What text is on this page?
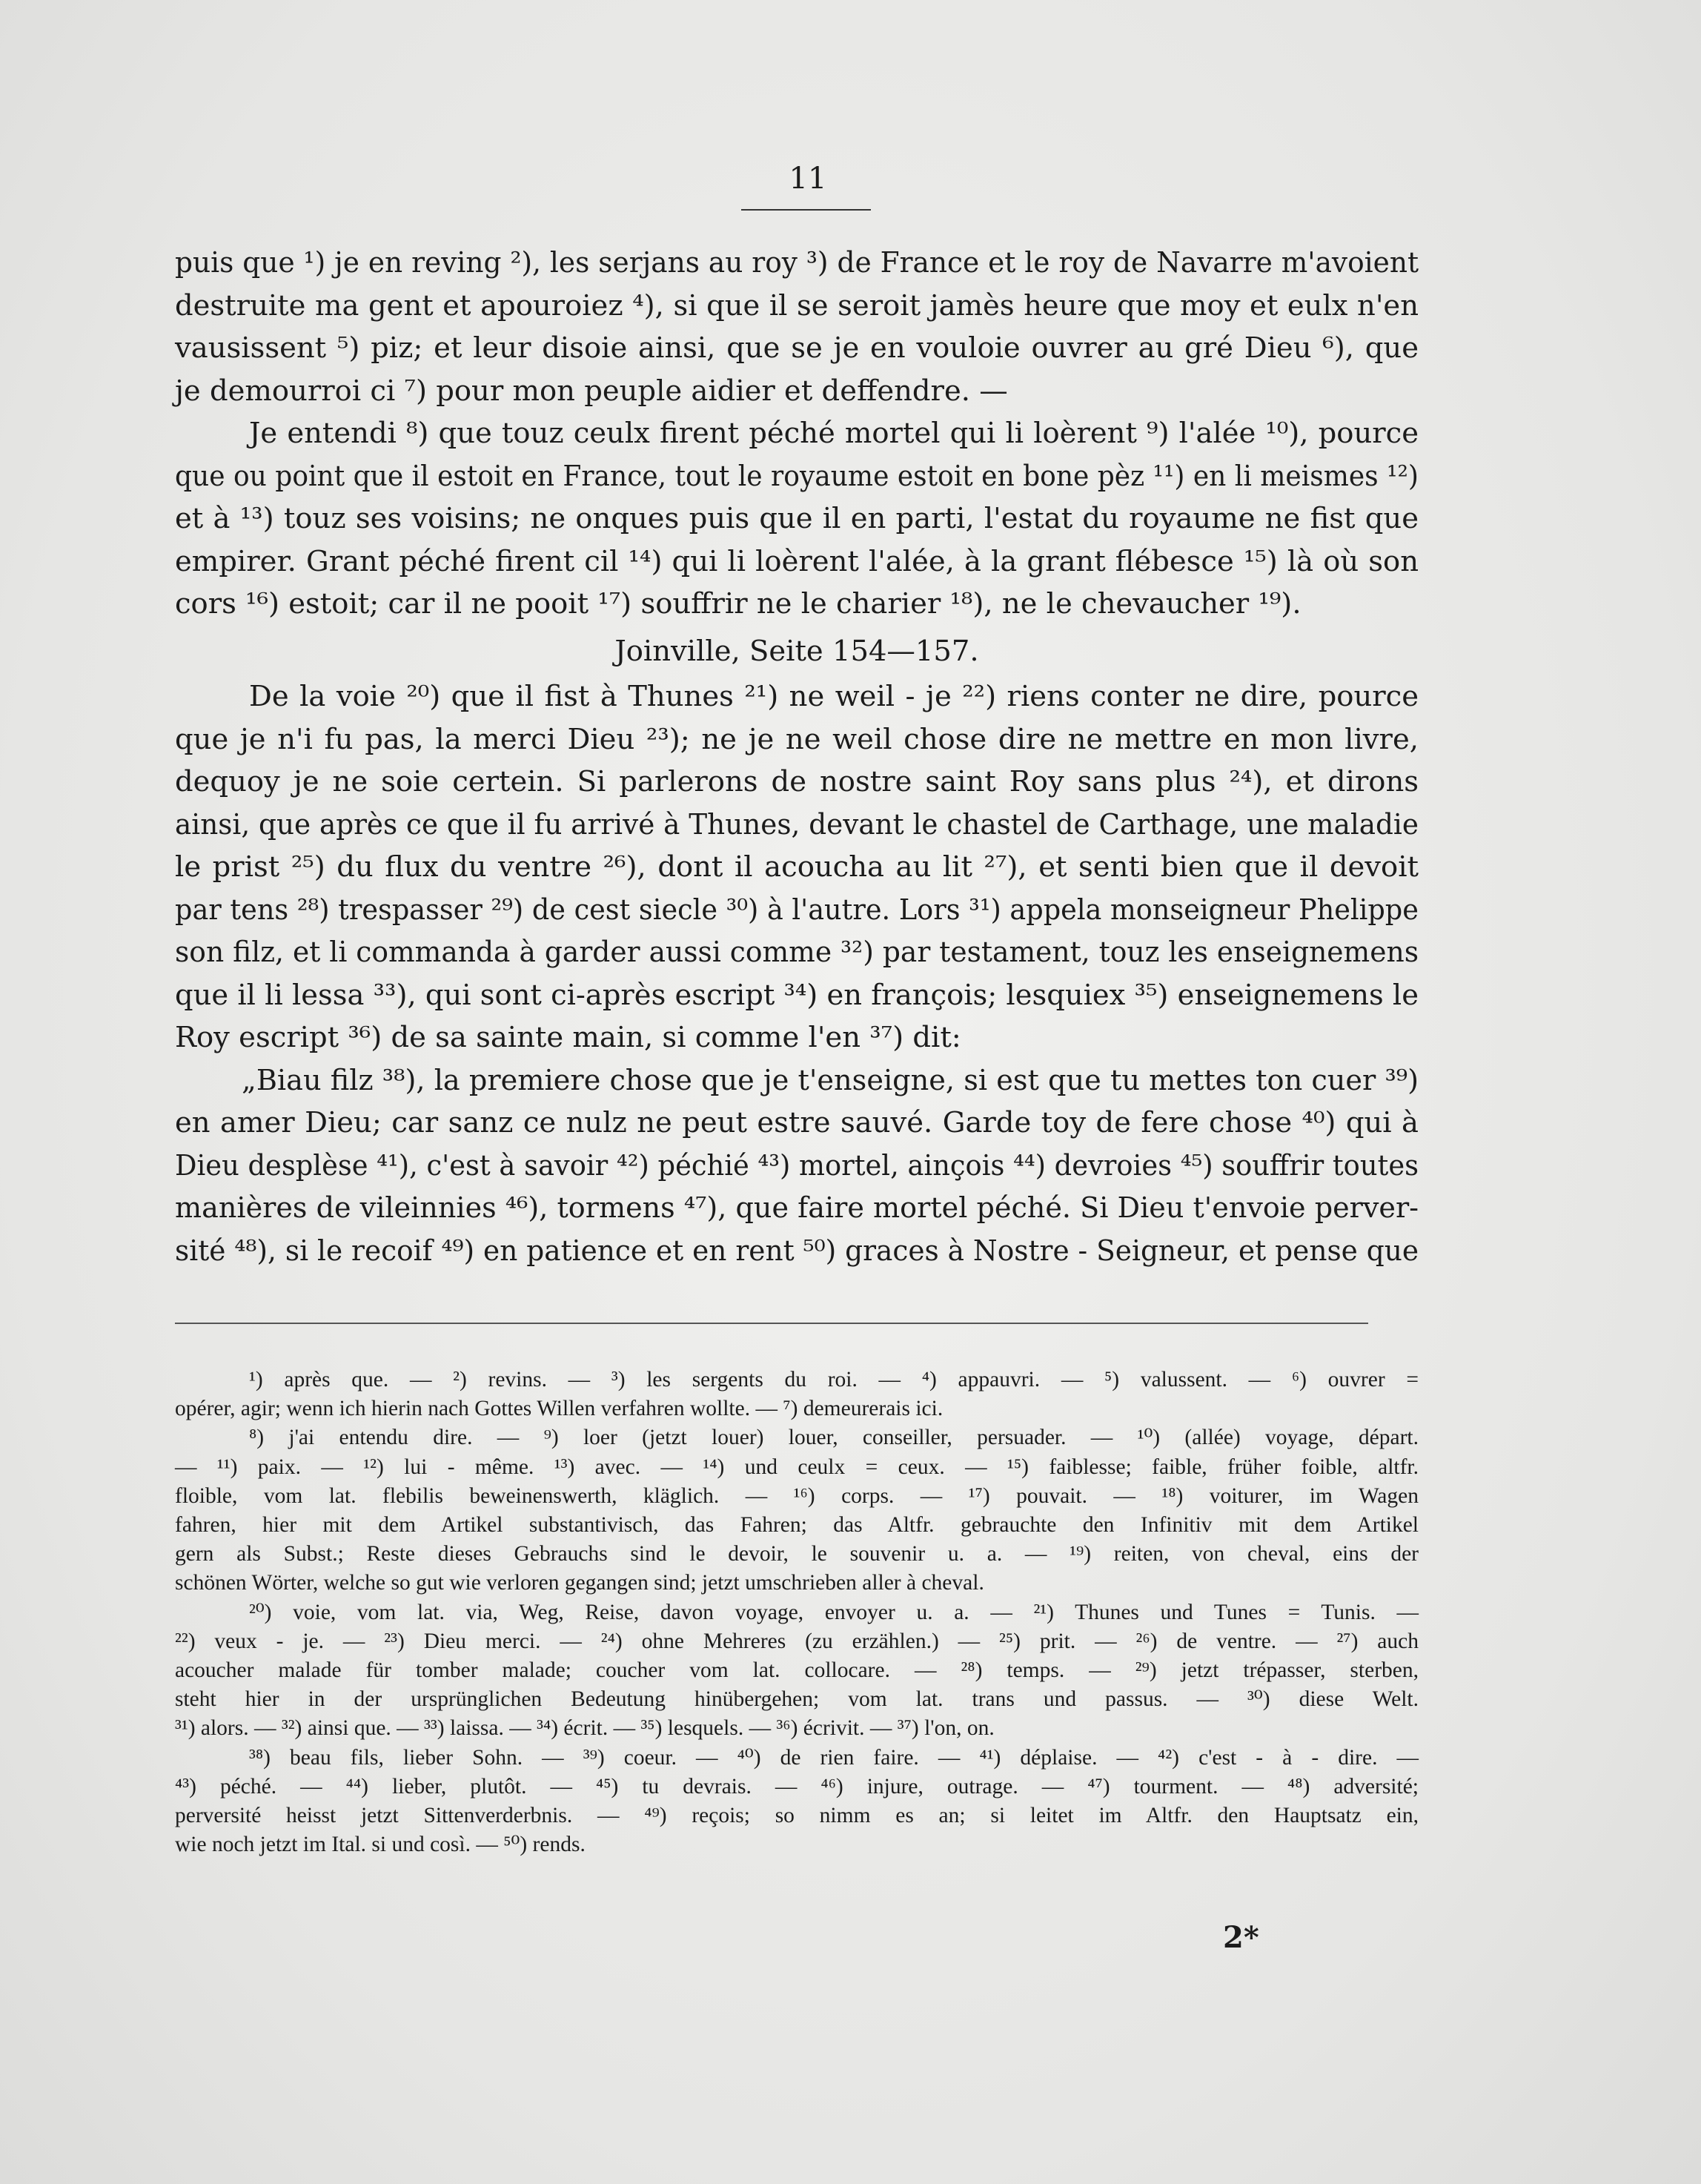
11
puis que ¹) je en reving ²), les serjans au roy ³) de France et le roy de Navarre m'avoient
destruite ma gent et apouroiez ⁴), si que il se seroit jamès heure que moy et eulx n'en
vausissent ⁵) piz; et leur disoie ainsi, que se je en vouloie ouvrer au gré Dieu ⁶), que
je demourroi ci ⁷) pour mon peuple aidier et deffendre. —
Je entendi ⁸) que touz ceulx firent péché mortel qui li loèrent ⁹) l'alée ¹⁰), pource
que ou point que il estoit en France, tout le royaume estoit en bone pèz ¹¹) en li meismes ¹²)
et à ¹³) touz ses voisins; ne onques puis que il en parti, l'estat du royaume ne fist que
empirer. Grant péché firent cil ¹⁴) qui li loèrent l'alée, à la grant flébesce ¹⁵) là où son
cors ¹⁶) estoit; car il ne pooit ¹⁷) souffrir ne le charier ¹⁸), ne le chevaucher ¹⁹).
Joinville, Seite 154—157.
De la voie ²⁰) que il fist à Thunes ²¹) ne weil - je ²²) riens conter ne dire, pource
que je n'i fu pas, la merci Dieu ²³); ne je ne weil chose dire ne mettre en mon livre,
dequoy je ne soie certein. Si parlerons de nostre saint Roy sans plus ²⁴), et dirons
ainsi, que après ce que il fu arrivé à Thunes, devant le chastel de Carthage, une maladie
le prist ²⁵) du flux du ventre ²⁶), dont il acoucha au lit ²⁷), et senti bien que il devoit
par tens ²⁸) trespasser ²⁹) de cest siecle ³⁰) à l'autre. Lors ³¹) appela monseigneur Phelippe
son filz, et li commanda à garder aussi comme ³²) par testament, touz les enseignemens
que il li lessa ³³), qui sont ci-après escript ³⁴) en françois; lesquiex ³⁵) enseignemens le
Roy escript ³⁶) de sa sainte main, si comme l'en ³⁷) dit:
„Biau filz ³⁸), la premiere chose que je t'enseigne, si est que tu mettes ton cuer ³⁹)
en amer Dieu; car sanz ce nulz ne peut estre sauvé. Garde toy de fere chose ⁴⁰) qui à
Dieu desplèse ⁴¹), c'est à savoir ⁴²) péchié ⁴³) mortel, ainçois ⁴⁴) devroies ⁴⁵) souffrir toutes
manières de vileinnies ⁴⁶), tormens ⁴⁷), que faire mortel péché. Si Dieu t'envoie perver-
sité ⁴⁸), si le recoif ⁴⁹) en patience et en rent ⁵⁰) graces à Nostre - Seigneur, et pense que
¹) après que. — ²) revins. — ³) les sergents du roi. — ⁴) appauvri. — ⁵) valussent. — ⁶) ouvrer =
opérer, agir; wenn ich hierin nach Gottes Willen verfahren wollte. — ⁷) demeurerais ici.
⁸) j'ai entendu dire. — ⁹) loer (jetzt louer) louer, conseiller, persuader. — ¹⁰) (allée) voyage, départ.
— ¹¹) paix. — ¹²) lui - même. ¹³) avec. — ¹⁴) und ceulx = ceux. — ¹⁵) faiblesse; faible, früher foible, altfr.
floible, vom lat. flebilis beweinenswerth, kläglich. — ¹⁶) corps. — ¹⁷) pouvait. — ¹⁸) voiturer, im Wagen
fahren, hier mit dem Artikel substantivisch, das Fahren; das Altfr. gebrauchte den Infinitiv mit dem Artikel
gern als Subst.; Reste dieses Gebrauchs sind le devoir, le souvenir u. a. — ¹⁹) reiten, von cheval, eins der
schönen Wörter, welche so gut wie verloren gegangen sind; jetzt umschrieben aller à cheval.
²⁰) voie, vom lat. via, Weg, Reise, davon voyage, envoyer u. a. — ²¹) Thunes und Tunes = Tunis. —
²²) veux - je. — ²³) Dieu merci. — ²⁴) ohne Mehreres (zu erzählen.) — ²⁵) prit. — ²⁶) de ventre. — ²⁷) auch
acoucher malade für tomber malade; coucher vom lat. collocare. — ²⁸) temps. — ²⁹) jetzt trépasser, sterben,
steht hier in der ursprünglichen Bedeutung hinübergehen; vom lat. trans und passus. — ³⁰) diese Welt.
³¹) alors. — ³²) ainsi que. — ³³) laissa. — ³⁴) écrit. — ³⁵) lesquels. — ³⁶) écrivit. — ³⁷) l'on, on.
³⁸) beau fils, lieber Sohn. — ³⁹) coeur. — ⁴⁰) de rien faire. — ⁴¹) déplaise. — ⁴²) c'est - à - dire. —
⁴³) péché. — ⁴⁴) lieber, plutôt. — ⁴⁵) tu devrais. — ⁴⁶) injure, outrage. — ⁴⁷) tourment. — ⁴⁸) adversité;
perversité heisst jetzt Sittenverderbnis. — ⁴⁹) reçois; so nimm es an; si leitet im Altfr. den Hauptsatz ein,
wie noch jetzt im Ital. si und così. — ⁵⁰) rends.
2*
